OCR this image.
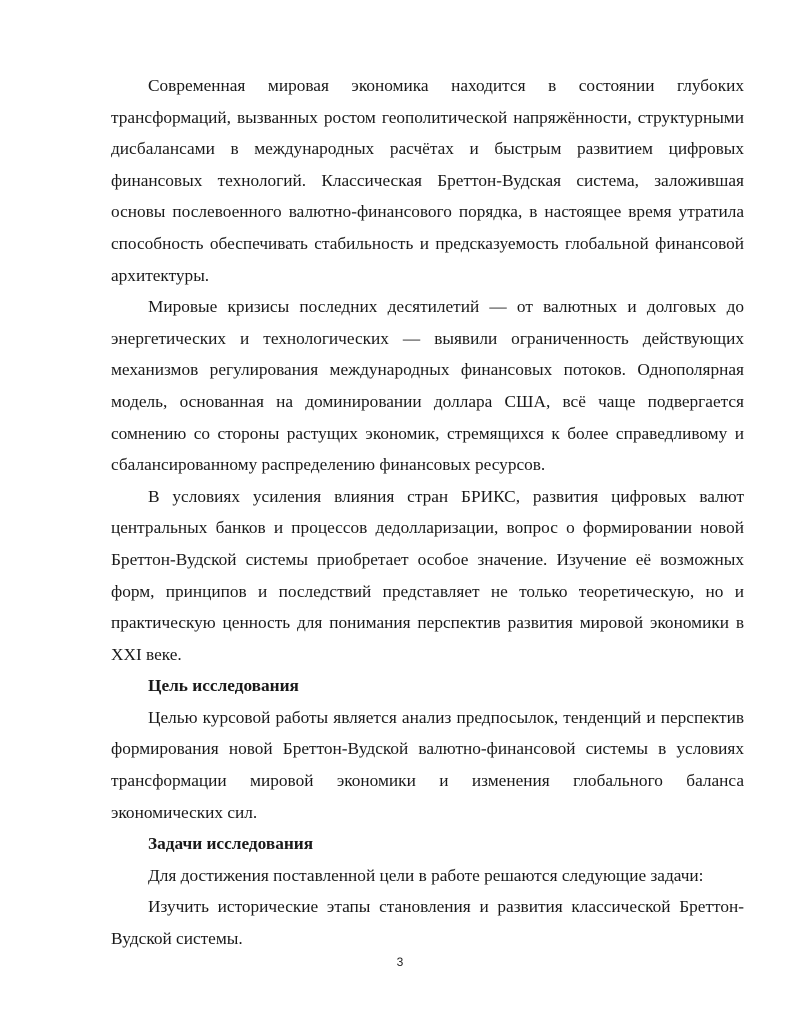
Современная мировая экономика находится в состоянии глубоких трансформаций, вызванных ростом геополитической напряжённости, структурными дисбалансами в международных расчётах и быстрым развитием цифровых финансовых технологий. Классическая Бреттон-Вудская система, заложившая основы послевоенного валютно-финансового порядка, в настоящее время утратила способность обеспечивать стабильность и предсказуемость глобальной финансовой архитектуры.

Мировые кризисы последних десятилетий — от валютных и долговых до энергетических и технологических — выявили ограниченность действующих механизмов регулирования международных финансовых потоков. Однополярная модель, основанная на доминировании доллара США, всё чаще подвергается сомнению со стороны растущих экономик, стремящихся к более справедливому и сбалансированному распределению финансовых ресурсов.

В условиях усиления влияния стран БРИКС, развития цифровых валют центральных банков и процессов дедолларизации, вопрос о формировании новой Бреттон-Вудской системы приобретает особое значение. Изучение её возможных форм, принципов и последствий представляет не только теоретическую, но и практическую ценность для понимания перспектив развития мировой экономики в XXI веке.

Цель исследования

Целью курсовой работы является анализ предпосылок, тенденций и перспектив формирования новой Бреттон-Вудской валютно-финансовой системы в условиях трансформации мировой экономики и изменения глобального баланса экономических сил.

Задачи исследования

Для достижения поставленной цели в работе решаются следующие задачи:

Изучить исторические этапы становления и развития классической Бреттон-Вудской системы.

3
